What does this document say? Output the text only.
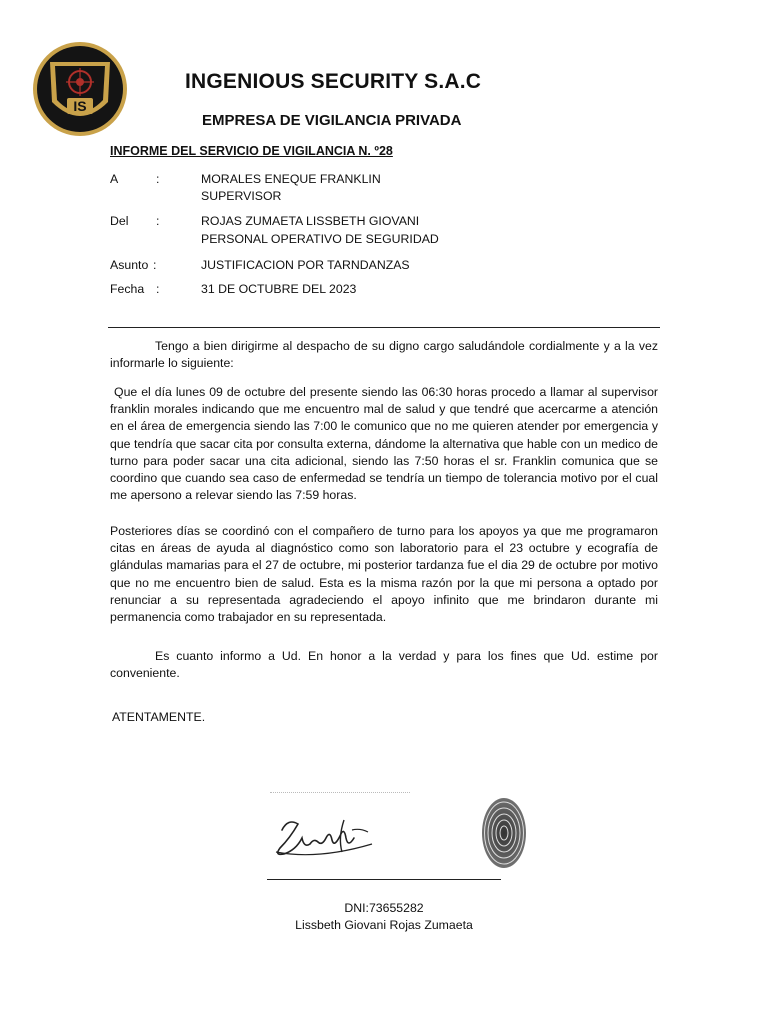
IS
INGENIOUS SECURITY S.A.C
EMPRESA DE VIGILANCIA PRIVADA
INFORME DEL SERVICIO DE VIGILANCIA N. º28
A	:	MORALES ENEQUE FRANKLIN
SUPERVISOR
Del :	ROJAS ZUMAETA LISSBETH GIOVANI
PERSONAL OPERATIVO DE SEGURIDAD
Asunto :	JUSTIFICACION POR TARNDANZAS
Fecha :	31 DE OCTUBRE DEL 2023

Tengo a bien dirigirme al despacho de su digno cargo saludándole cordialmente y a la vez informarle lo siguiente:

Que el día lunes 09 de octubre del presente siendo las 06:30 horas procedo a llamar al supervisor franklin morales indicando que me encuentro mal de salud y que tendré que acercarme a atención en el área de emergencia siendo las 7:00 le comunico que no me quieren atender por emergencia y que tendría que sacar cita por consulta externa, dándome la alternativa que hable con un medico de turno para poder sacar una cita adicional, siendo las 7:50 horas el sr. Franklin comunica que se coordino que cuando sea caso de enfermedad se tendría un tiempo de tolerancia motivo por el cual me apersono a relevar siendo las 7:59 horas.

Posteriores días se coordinó con el compañero de turno para los apoyos ya que me programaron citas en áreas de ayuda al diagnóstico como son laboratorio para el 23 octubre y ecografía de glándulas mamarias para el 27 de octubre, mi posterior tardanza fue el dia 29 de octubre por motivo que no me encuentro bien de salud. Esta es la misma razón por la que mi persona a optado por renunciar a su representada agradeciendo el apoyo infinito que me brindaron durante mi permanencia como trabajador en su representada.

Es cuanto informo a Ud. En honor a la verdad y para los fines que Ud. estime por conveniente.

ATENTAMENTE.
DNI:73655282
Lissbeth Giovani Rojas Zumaeta
